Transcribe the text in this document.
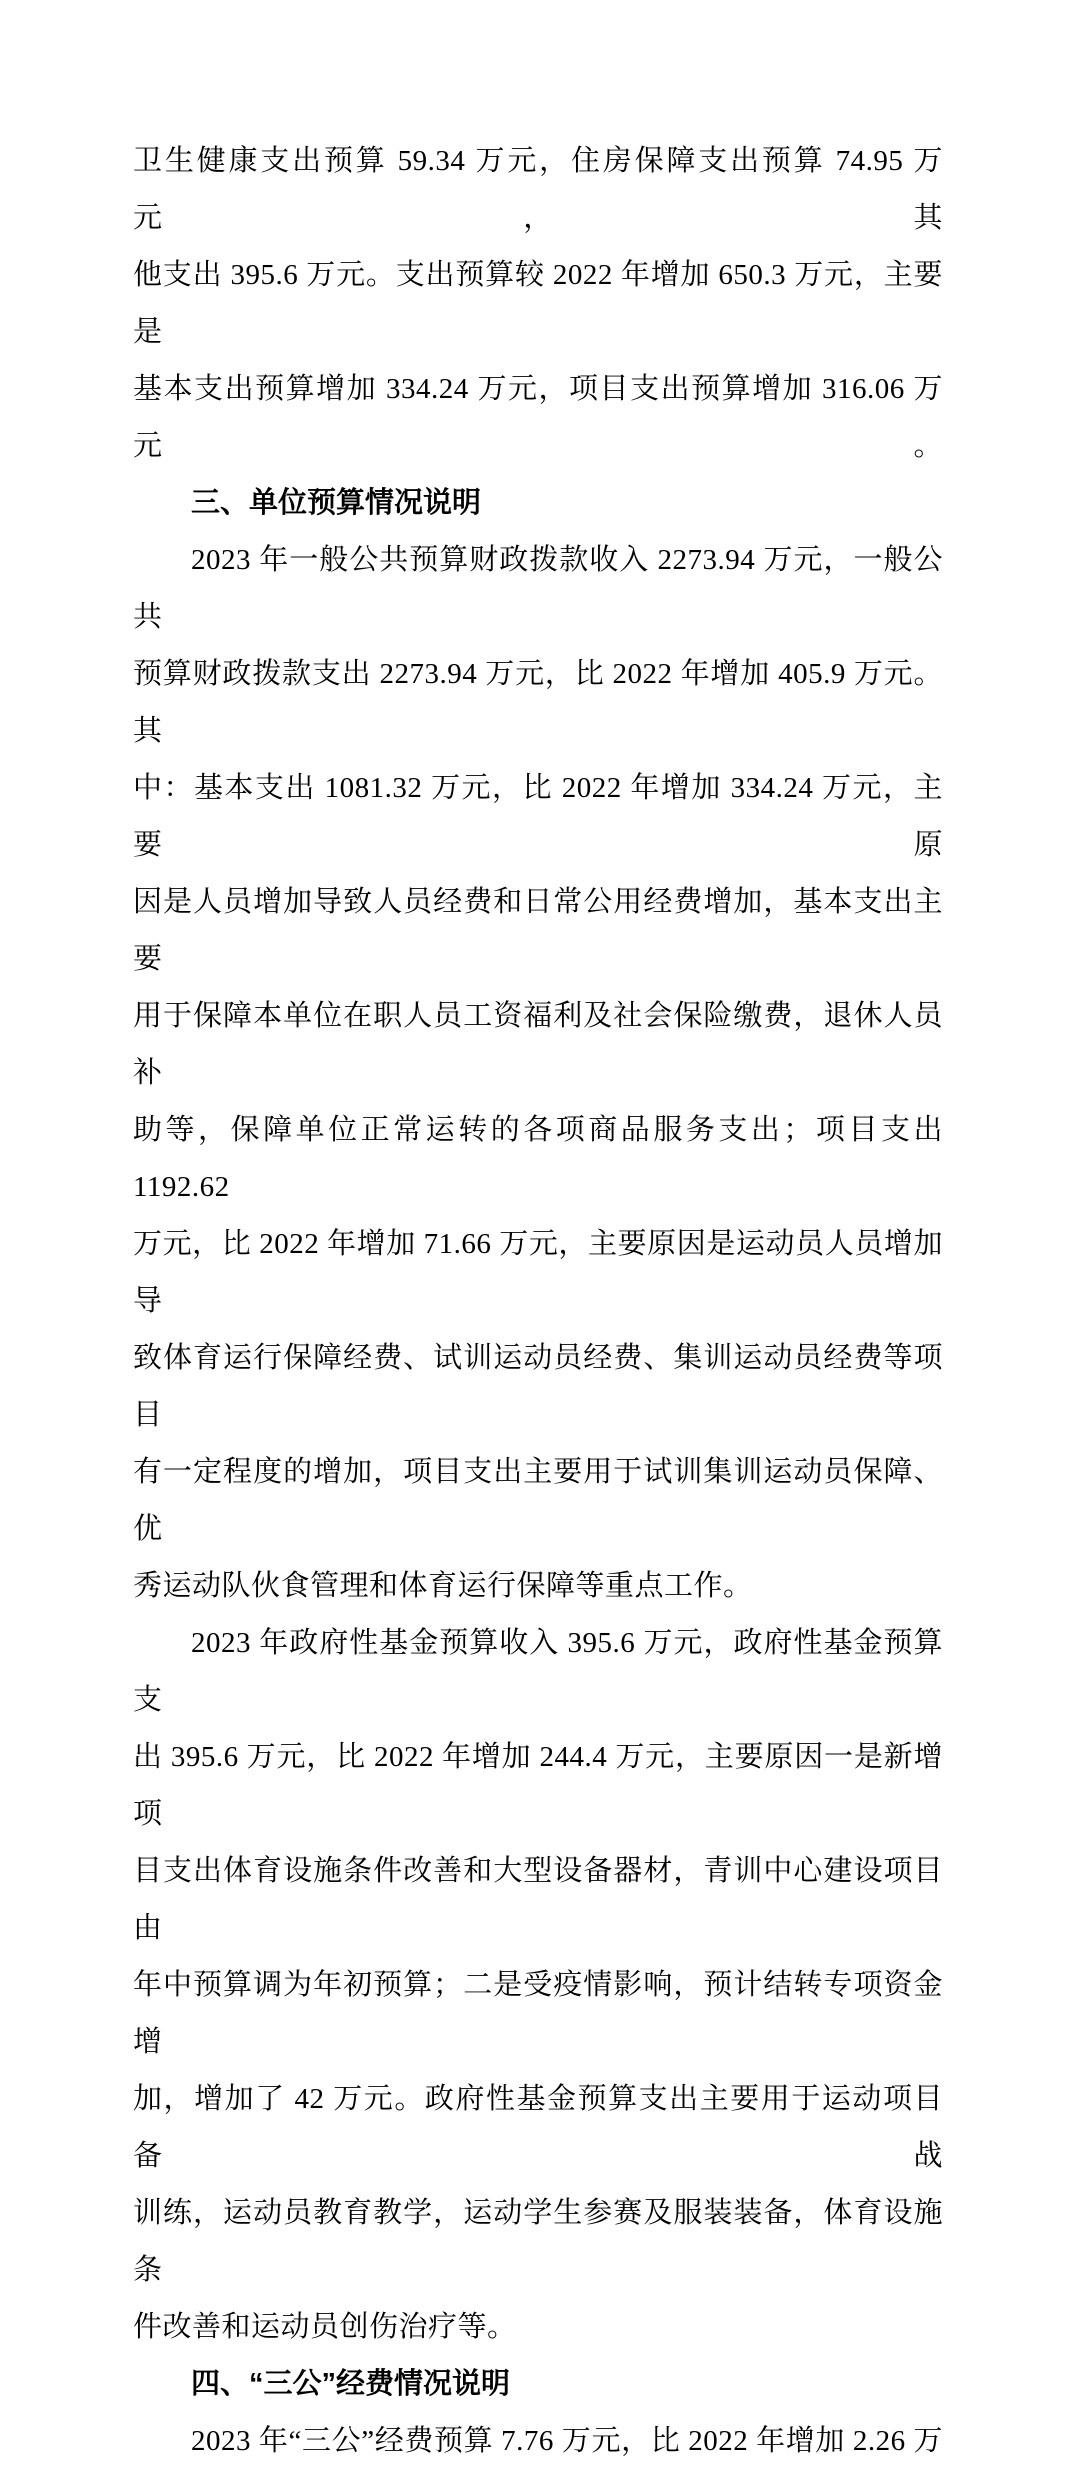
卫生健康支出预算 59.34 万元，住房保障支出预算 74.95 万元，其
他支出 395.6 万元。支出预算较 2022 年增加 650.3 万元，主要是
基本支出预算增加 334.24 万元，项目支出预算增加 316.06 万元。
三、单位预算情况说明
2023 年一般公共预算财政拨款收入 2273.94 万元，一般公共
预算财政拨款支出 2273.94 万元，比 2022 年增加 405.9 万元。其
中：基本支出 1081.32 万元，比 2022 年增加 334.24 万元，主要原
因是人员增加导致人员经费和日常公用经费增加，基本支出主要
用于保障本单位在职人员工资福利及社会保险缴费，退休人员补
助等，保障单位正常运转的各项商品服务支出；项目支出 1192.62
万元，比 2022 年增加 71.66 万元，主要原因是运动员人员增加导
致体育运行保障经费、试训运动员经费、集训运动员经费等项目
有一定程度的增加，项目支出主要用于试训集训运动员保障、优
秀运动队伙食管理和体育运行保障等重点工作。
2023 年政府性基金预算收入 395.6 万元，政府性基金预算支
出 395.6 万元，比 2022 年增加 244.4 万元，主要原因一是新增项
目支出体育设施条件改善和大型设备器材，青训中心建设项目由
年中预算调为年初预算；二是受疫情影响，预计结转专项资金增
加，增加了 42 万元。政府性基金预算支出主要用于运动项目备战
训练，运动员教育教学，运动学生参赛及服装装备，体育设施条
件改善和运动员创伤治疗等。
四、“三公”经费情况说明
2023 年“三公”经费预算 7.76 万元，比 2022 年增加 2.26 万
